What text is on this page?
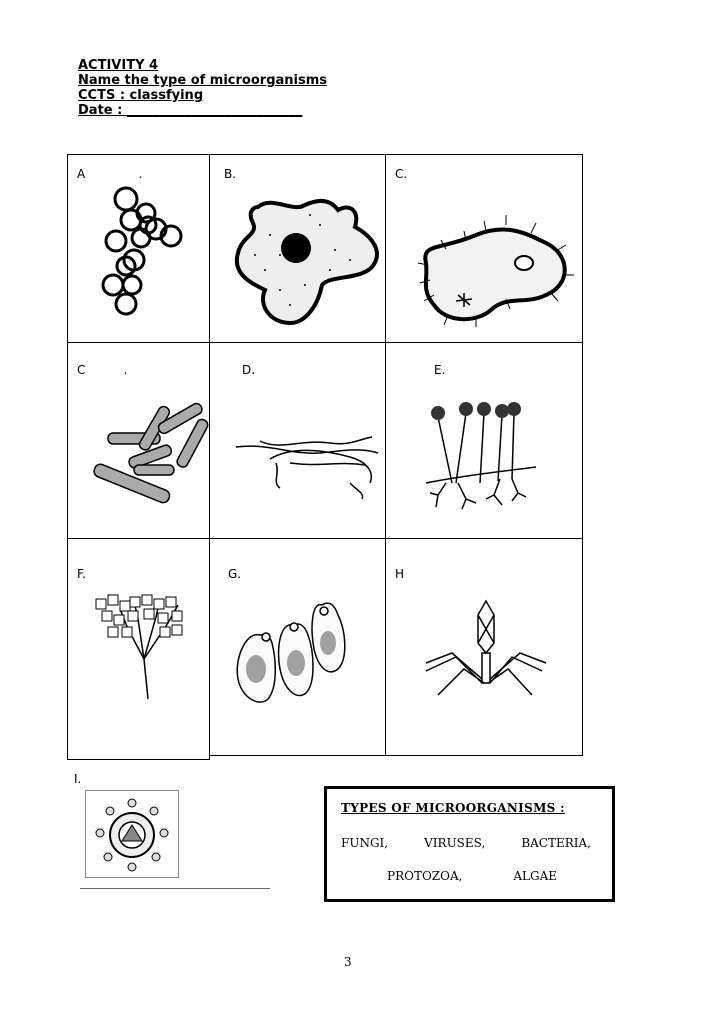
ACTIVITY 4
Name the type of microorganisms
CCTS : classfying
Date : ___________________________
A              .	B.	C.
C          .	D.	E.
F.	G.	H
I.
TYPES OF MICROORGANISMS :
FUNGI,	VIRUSES,	BACTERIA,
PROTOZOA,	ALGAE
3
